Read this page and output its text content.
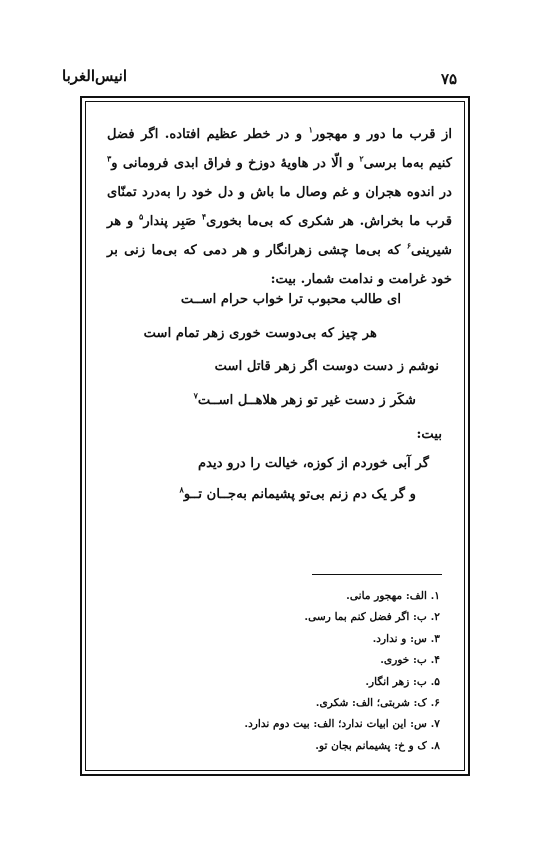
۷۵
انیس‌الغربا

از قرب ما دور و مهجور$^۱$ و در خطر عظیم افتاده. اگر فضل کنیم به‌ما برسی$^۲$ و الّا در هاویهٔ دوزخ و فراق ابدی فرومانی و$^۳$ در اندوه هجران و غم وصال ما باش و دل خود را به‌درد تمنّای قرب ما بخراش. هر شکری که بی‌ما بخوری$^۴$ صَبِر پندار$^۵$ و هر شیرینی$^۶$ که بی‌ما چشی زهرانگار و هر دمی که بی‌ما زنی بر خود غرامت و ندامت شمار. بیت:

ای طالب محبوب ترا خواب حرام اســت
هر چیز که بی‌دوست خوری زهر تمام است
نوشم ز دست دوست اگر زهر قاتل است
شکَر ز دست غیر تو زهر هلاهــل اســت$^۷$
بیت:
گر آبی خوردم از کوزه، خیالت را درو دیدم
و گر یک دم زنم بی‌تو پشیمانم به‌جــان تــو$^۸$
۱. الف: مهجور مانی.
۲. ب: اگر فضل کنم بما رسی.
۳. س: و ندارد.
۴. ب: خوری.
۵. ب: زهر انگار.
۶. ک: شربتی؛ الف: شکری.
۷. س: این ابیات ندارد؛ الف: بیت دوم ندارد.
۸. ک و خ: پشیمانم بجان تو.
